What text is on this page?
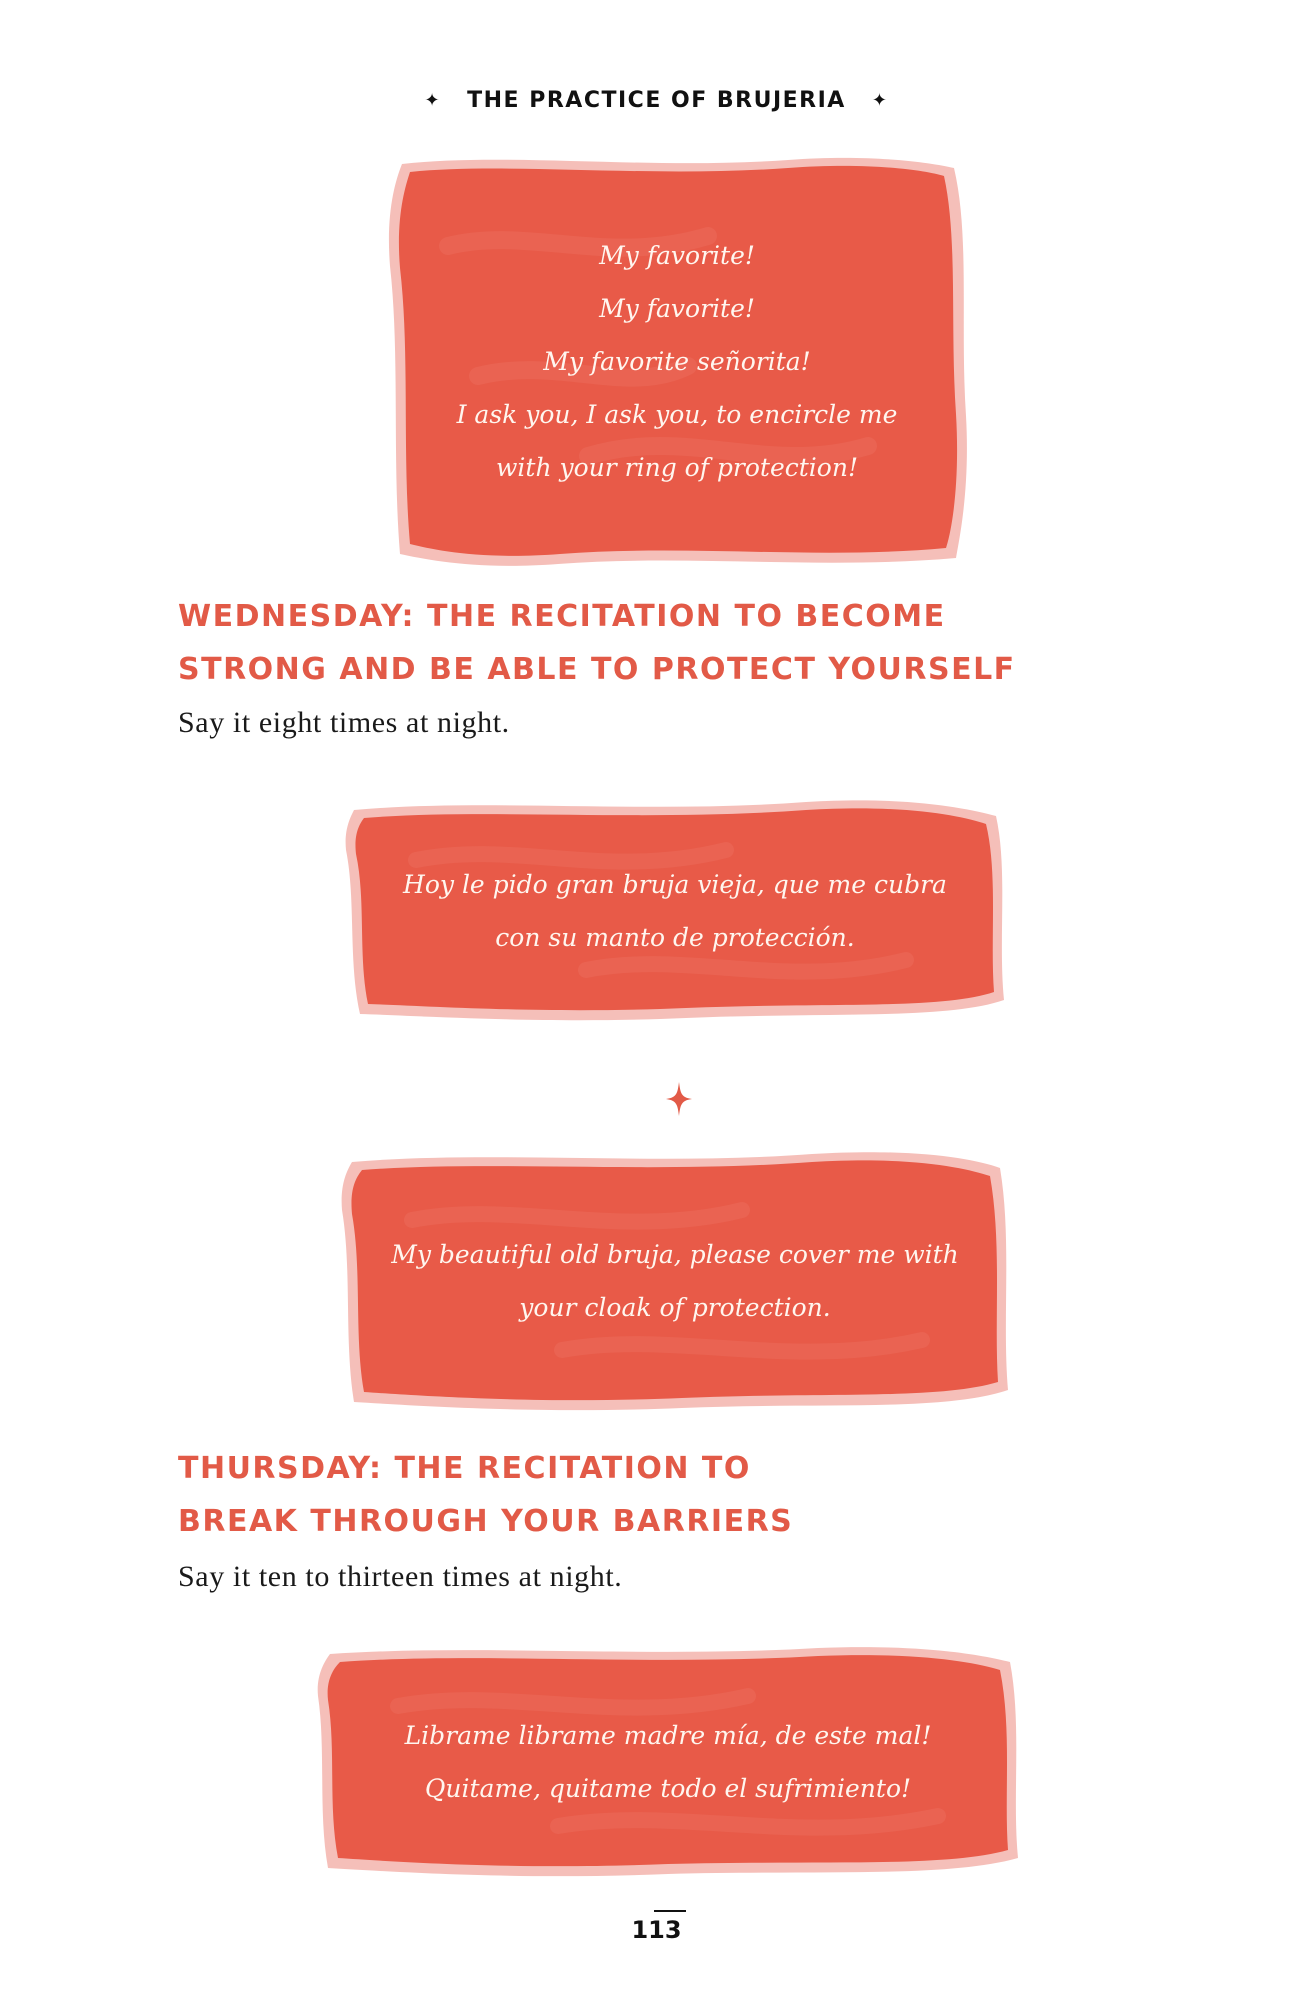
✦ THE PRACTICE OF BRUJERIA ✦
My favorite!
My favorite!
My favorite señorita!
I ask you, I ask you, to encircle me
with your ring of protection!
WEDNESDAY: THE RECITATION TO BECOME
STRONG AND BE ABLE TO PROTECT YOURSELF
Say it eight times at night.
Hoy le pido gran bruja vieja, que me cubra
con su manto de protección.
My beautiful old bruja, please cover me with
your cloak of protection.
THURSDAY: THE RECITATION TO
BREAK THROUGH YOUR BARRIERS
Say it ten to thirteen times at night.
Librame librame madre mía, de este mal!
Quitame, quitame todo el sufrimiento!
113
